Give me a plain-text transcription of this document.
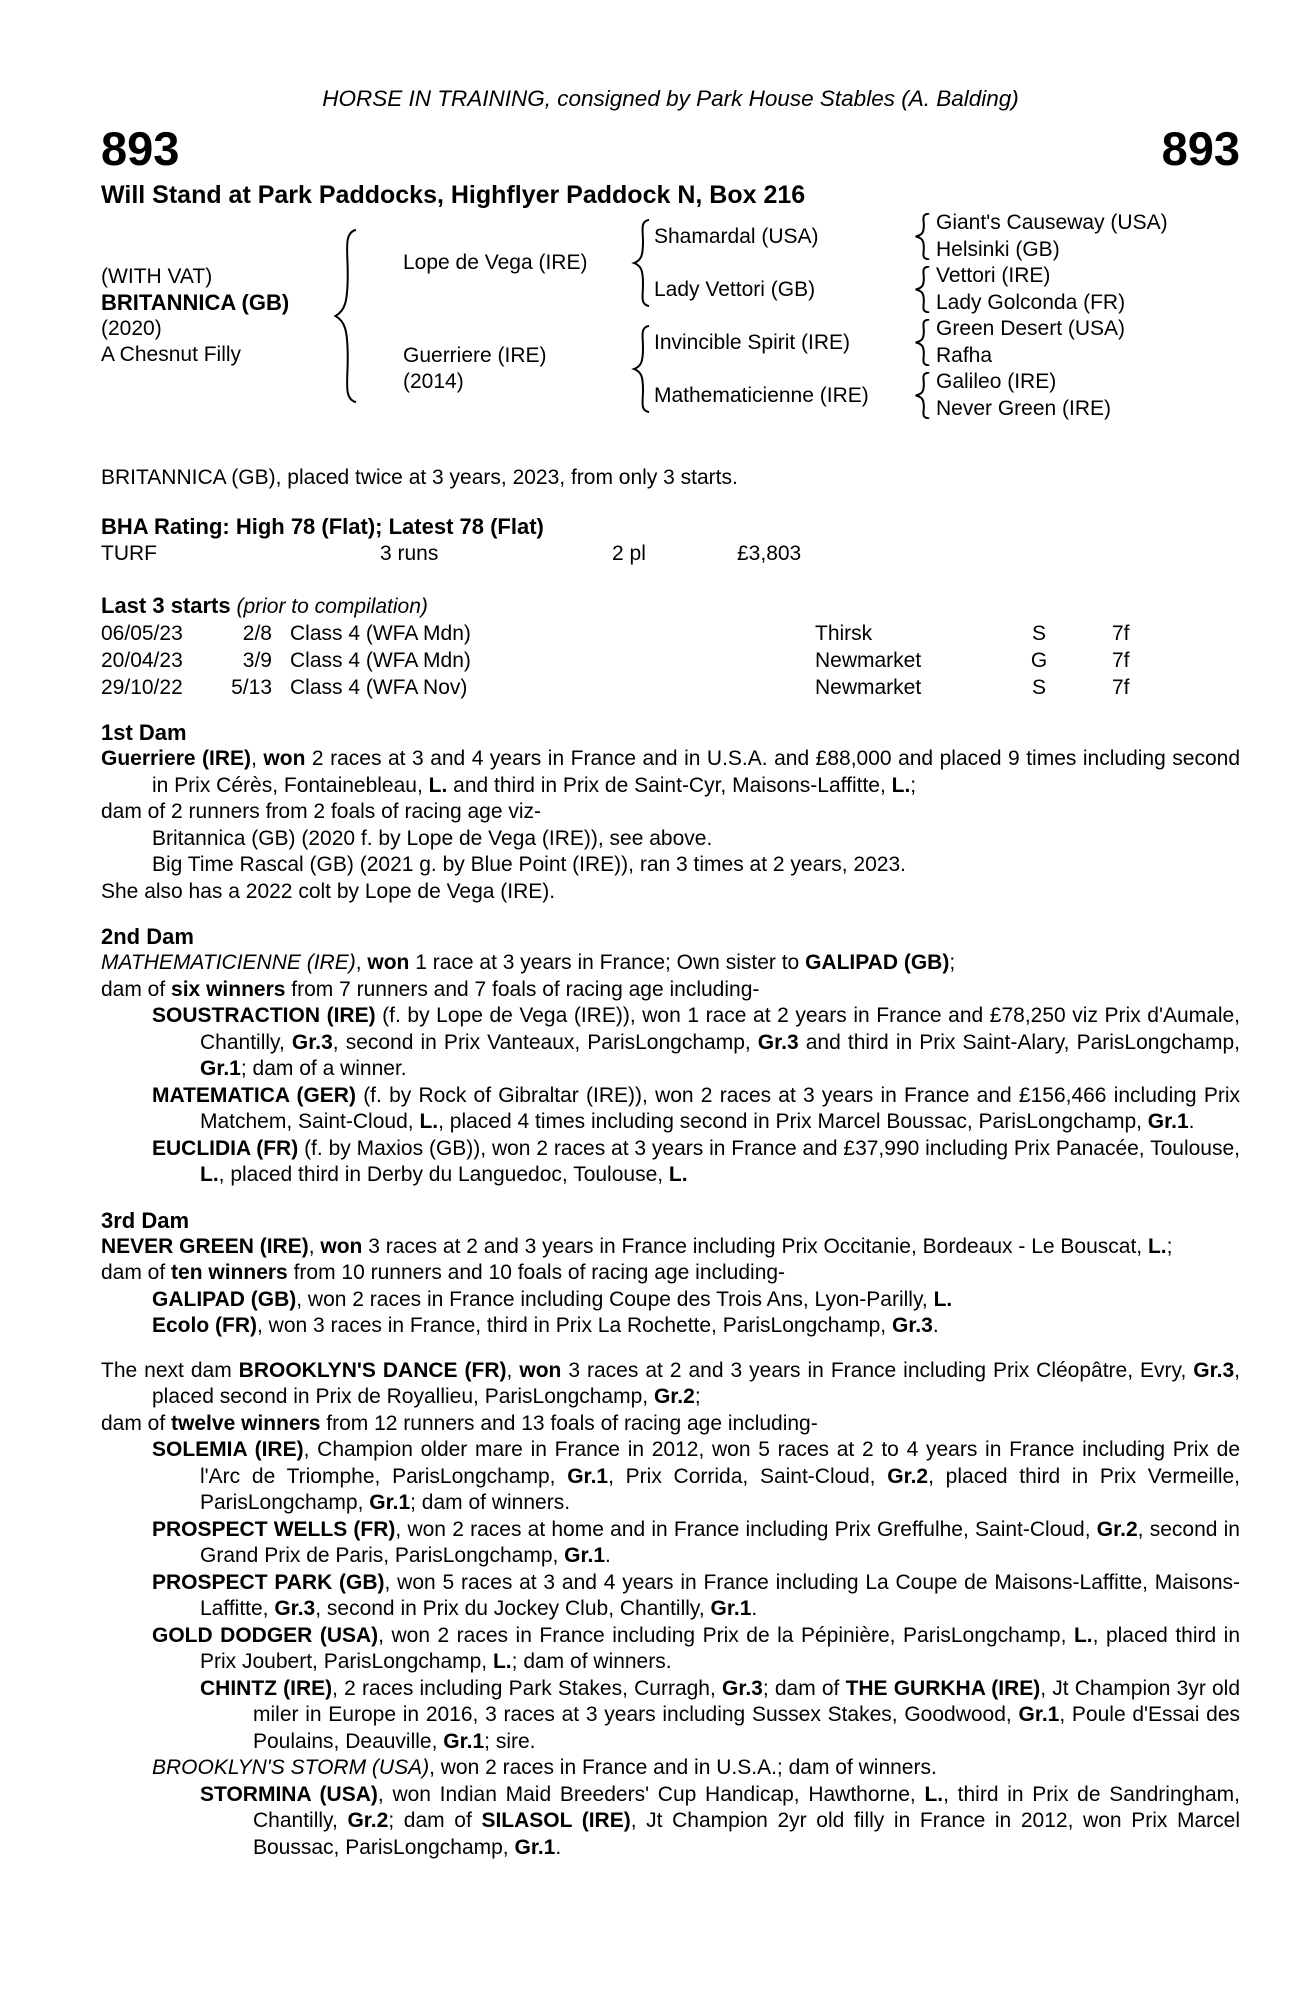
HORSE IN TRAINING, consigned by Park House Stables (A. Balding)
893	893
Will Stand at Park Paddocks, Highflyer Paddock N, Box 216
(WITH VAT)
BRITANNICA (GB)
(2020)
A Chesnut Filly
Lope de Vega (IRE)
Guerriere (IRE)
(2014)
Shamardal (USA)
Lady Vettori (GB)
Invincible Spirit (IRE)
Mathematicienne (IRE)
Giant's Causeway (USA)
Helsinki (GB)
Vettori (IRE)
Lady Golconda (FR)
Green Desert (USA)
Rafha
Galileo (IRE)
Never Green (IRE)
BRITANNICA (GB), placed twice at 3 years, 2023, from only 3 starts.
BHA Rating: High 78 (Flat); Latest 78 (Flat)
TURF	3 runs	2 pl	£3,803
Last 3 starts (prior to compilation)
06/05/23	2/8 Class 4 (WFA Mdn)	Thirsk	S	7f
20/04/23	3/9 Class 4 (WFA Mdn)	Newmarket	G	7f
29/10/22	5/13 Class 4 (WFA Nov)	Newmarket	S	7f
1st Dam

Guerriere (IRE), won 2 races at 3 and 4 years in France and in U.S.A. and £88,000 and placed 9 times including second in Prix Cérès, Fontainebleau, L. and third in Prix de Saint-Cyr, Maisons-Laffitte, L.;

dam of 2 runners from 2 foals of racing age viz-

Britannica (GB) (2020 f. by Lope de Vega (IRE)), see above.

Big Time Rascal (GB) (2021 g. by Blue Point (IRE)), ran 3 times at 2 years, 2023.

She also has a 2022 colt by Lope de Vega (IRE).

2nd Dam

MATHEMATICIENNE (IRE), won 1 race at 3 years in France; Own sister to GALIPAD (GB);

dam of six winners from 7 runners and 7 foals of racing age including-

SOUSTRACTION (IRE) (f. by Lope de Vega (IRE)), won 1 race at 2 years in France and £78,250 viz Prix d'Aumale, Chantilly, Gr.3, second in Prix Vanteaux, ParisLongchamp, Gr.3 and third in Prix Saint-Alary, ParisLongchamp, Gr.1; dam of a winner.

MATEMATICA (GER) (f. by Rock of Gibraltar (IRE)), won 2 races at 3 years in France and £156,466 including Prix Matchem, Saint-Cloud, L., placed 4 times including second in Prix Marcel Boussac, ParisLongchamp, Gr.1.

EUCLIDIA (FR) (f. by Maxios (GB)), won 2 races at 3 years in France and £37,990 including Prix Panacée, Toulouse, L., placed third in Derby du Languedoc, Toulouse, L.

3rd Dam

NEVER GREEN (IRE), won 3 races at 2 and 3 years in France including Prix Occitanie, Bordeaux - Le Bouscat, L.;

dam of ten winners from 10 runners and 10 foals of racing age including-

GALIPAD (GB), won 2 races in France including Coupe des Trois Ans, Lyon-Parilly, L.

Ecolo (FR), won 3 races in France, third in Prix La Rochette, ParisLongchamp, Gr.3.

The next dam BROOKLYN'S DANCE (FR), won 3 races at 2 and 3 years in France including Prix Cléopâtre, Evry, Gr.3, placed second in Prix de Royallieu, ParisLongchamp, Gr.2;

dam of twelve winners from 12 runners and 13 foals of racing age including-

SOLEMIA (IRE), Champion older mare in France in 2012, won 5 races at 2 to 4 years in France including Prix de l'Arc de Triomphe, ParisLongchamp, Gr.1, Prix Corrida, Saint-Cloud, Gr.2, placed third in Prix Vermeille, ParisLongchamp, Gr.1; dam of winners.

PROSPECT WELLS (FR), won 2 races at home and in France including Prix Greffulhe, Saint-Cloud, Gr.2, second in Grand Prix de Paris, ParisLongchamp, Gr.1.

PROSPECT PARK (GB), won 5 races at 3 and 4 years in France including La Coupe de Maisons-Laffitte, Maisons-Laffitte, Gr.3, second in Prix du Jockey Club, Chantilly, Gr.1.

GOLD DODGER (USA), won 2 races in France including Prix de la Pépinière, ParisLongchamp, L., placed third in Prix Joubert, ParisLongchamp, L.; dam of winners.

CHINTZ (IRE), 2 races including Park Stakes, Curragh, Gr.3; dam of THE GURKHA (IRE), Jt Champion 3yr old miler in Europe in 2016, 3 races at 3 years including Sussex Stakes, Goodwood, Gr.1, Poule d'Essai des Poulains, Deauville, Gr.1; sire.

BROOKLYN'S STORM (USA), won 2 races in France and in U.S.A.; dam of winners.

STORMINA (USA), won Indian Maid Breeders' Cup Handicap, Hawthorne, L., third in Prix de Sandringham, Chantilly, Gr.2; dam of SILASOL (IRE), Jt Champion 2yr old filly in France in 2012, won Prix Marcel Boussac, ParisLongchamp, Gr.1.
